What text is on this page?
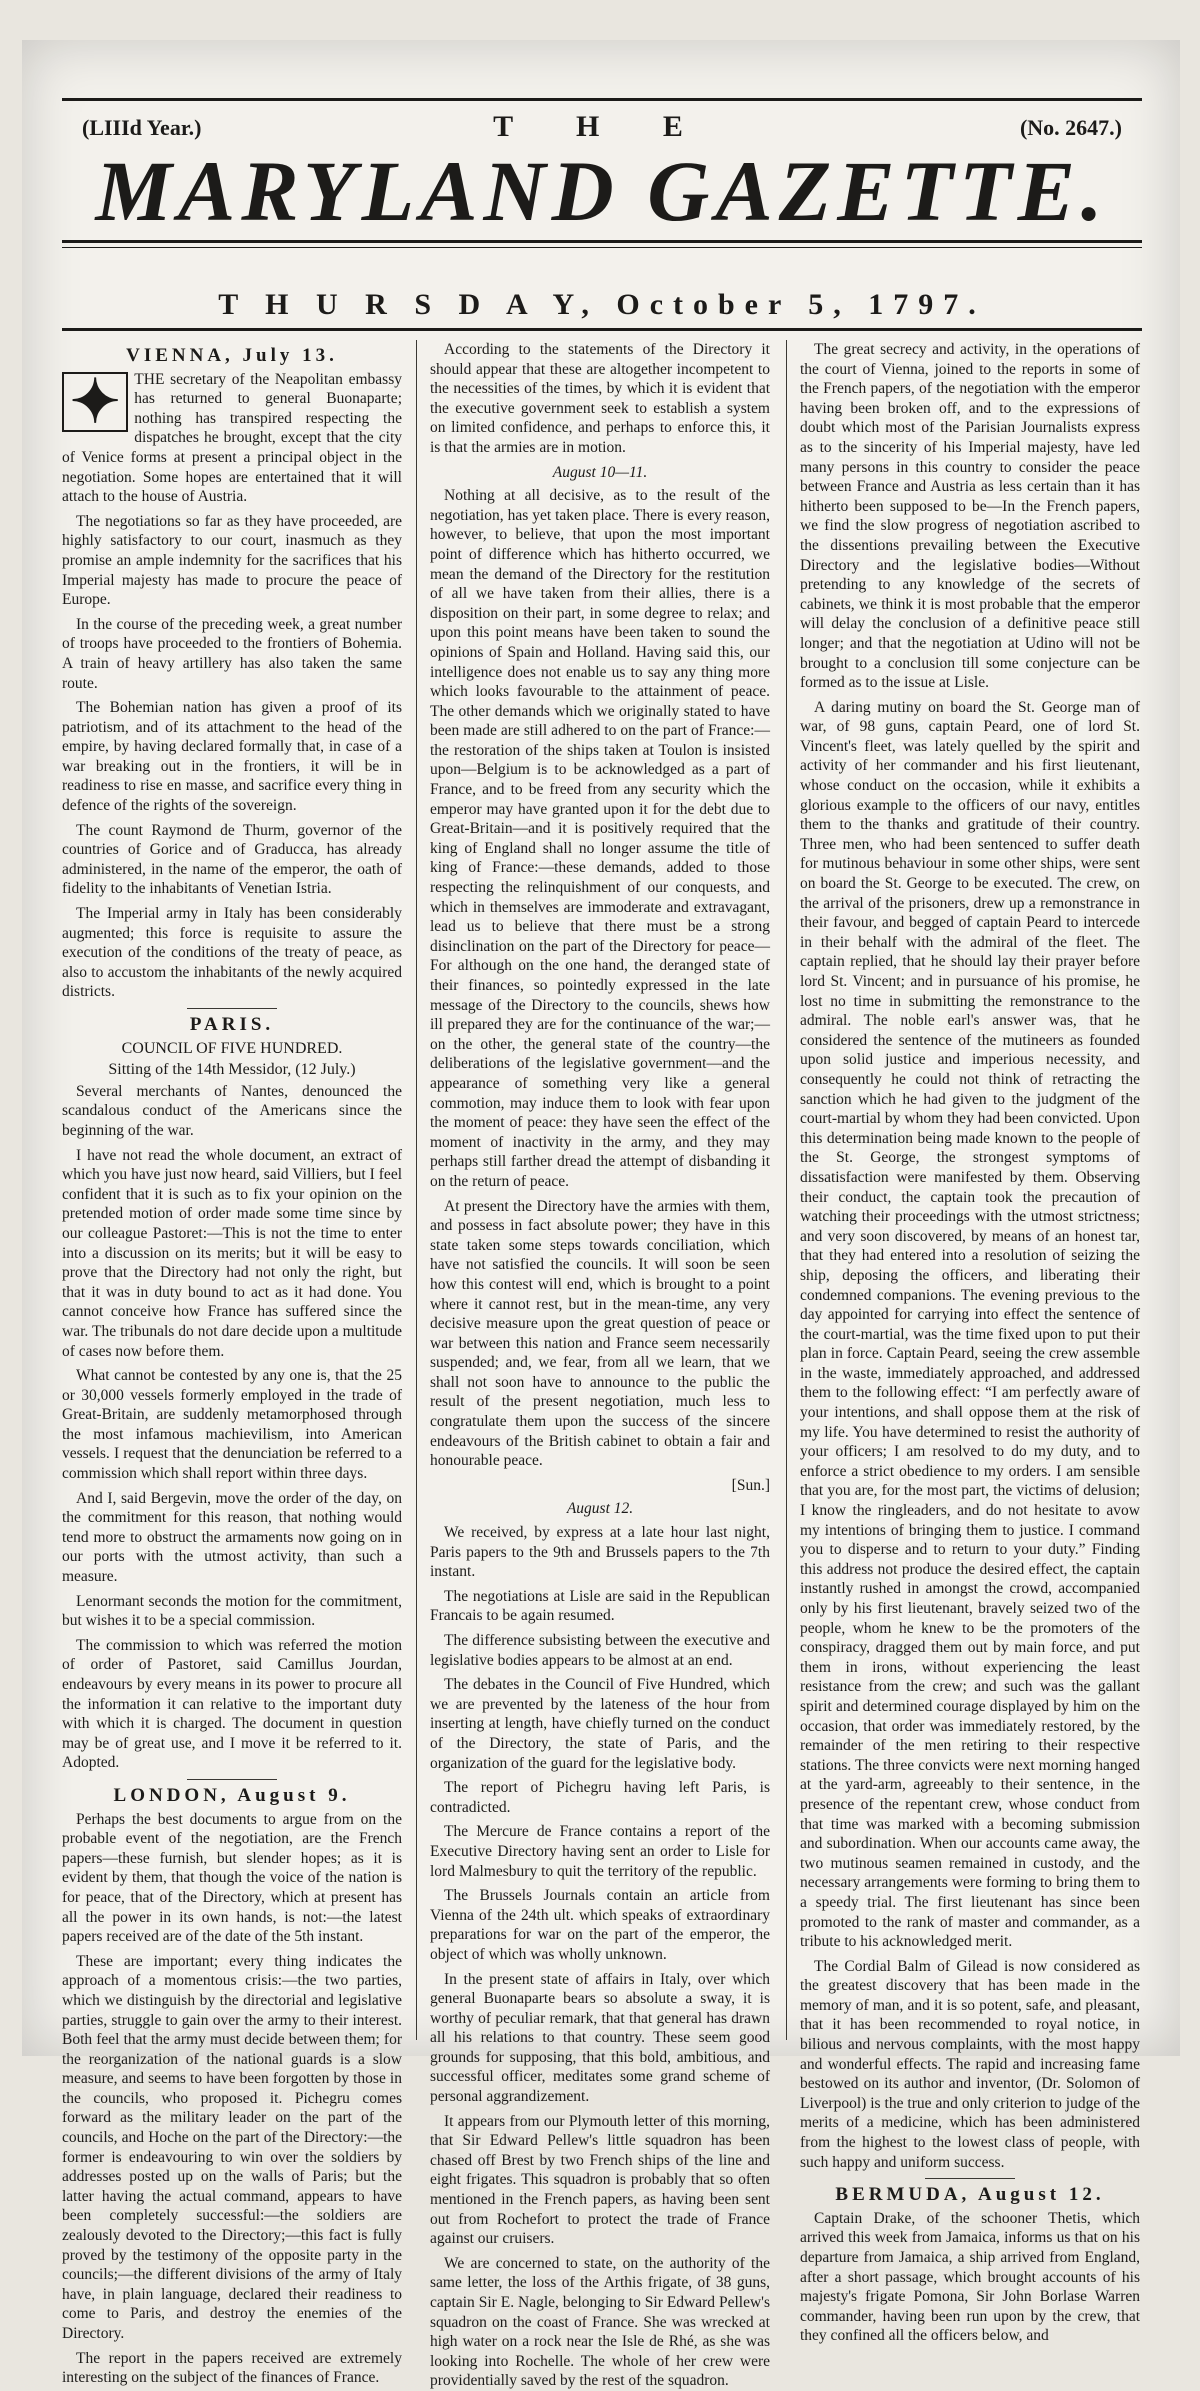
(LIIId Year.)	T H E	(No. 2647.)
MARYLAND GAZETTE.
T H U R S D A Y, October 5, 1797.
VIENNA, July 13.
✦ THE secretary of the Neapolitan embassy has returned to general Buonaparte; nothing has transpired respecting the dispatches he brought, except that the city of Venice forms at present a principal object in the negotiation. Some hopes are entertained that it will attach to the house of Austria.

The negotiations so far as they have proceeded, are highly satisfactory to our court, inasmuch as they promise an ample indemnity for the sacrifices that his Imperial majesty has made to procure the peace of Europe.

In the course of the preceding week, a great number of troops have proceeded to the frontiers of Bohemia. A train of heavy artillery has also taken the same route.

The Bohemian nation has given a proof of its patriotism, and of its attachment to the head of the empire, by having declared formally that, in case of a war breaking out in the frontiers, it will be in readiness to rise en masse, and sacrifice every thing in defence of the rights of the sovereign.

The count Raymond de Thurm, governor of the countries of Gorice and of Graducca, has already administered, in the name of the emperor, the oath of fidelity to the inhabitants of Venetian Istria.

The Imperial army in Italy has been considerably augmented; this force is requisite to assure the execution of the conditions of the treaty of peace, as also to accustom the inhabitants of the newly acquired districts.

PARIS.
COUNCIL OF FIVE HUNDRED.
Sitting of the 14th Messidor, (12 July.)

Several merchants of Nantes, denounced the scandalous conduct of the Americans since the beginning of the war.

I have not read the whole document, an extract of which you have just now heard, said Villiers, but I feel confident that it is such as to fix your opinion on the pretended motion of order made some time since by our colleague Pastoret:—This is not the time to enter into a discussion on its merits; but it will be easy to prove that the Directory had not only the right, but that it was in duty bound to act as it had done. You cannot conceive how France has suffered since the war. The tribunals do not dare decide upon a multitude of cases now before them.

What cannot be contested by any one is, that the 25 or 30,000 vessels formerly employed in the trade of Great-Britain, are suddenly metamorphosed through the most infamous machievilism, into American vessels. I request that the denunciation be referred to a commission which shall report within three days.

And I, said Bergevin, move the order of the day, on the commitment for this reason, that nothing would tend more to obstruct the armaments now going on in our ports with the utmost activity, than such a measure.

Lenormant seconds the motion for the commitment, but wishes it to be a special commission.

The commission to which was referred the motion of order of Pastoret, said Camillus Jourdan, endeavours by every means in its power to procure all the information it can relative to the important duty with which it is charged. The document in question may be of great use, and I move it be referred to it. Adopted.

LONDON, August 9.

Perhaps the best documents to argue from on the probable event of the negotiation, are the French papers—these furnish, but slender hopes; as it is evident by them, that though the voice of the nation is for peace, that of the Directory, which at present has all the power in its own hands, is not:—the latest papers received are of the date of the 5th instant.

These are important; every thing indicates the approach of a momentous crisis:—the two parties, which we distinguish by the directorial and legislative parties, struggle to gain over the army to their interest. Both feel that the army must decide between them; for the reorganization of the national guards is a slow measure, and seems to have been forgotten by those in the councils, who proposed it. Pichegru comes forward as the military leader on the part of the councils, and Hoche on the part of the Directory:—the former is endeavouring to win over the soldiers by addresses posted up on the walls of Paris; but the latter having the actual command, appears to have been completely successful:—the soldiers are zealously devoted to the Directory;—this fact is fully proved by the testimony of the opposite party in the councils;—the different divisions of the army of Italy have, in plain language, declared their readiness to come to Paris, and destroy the enemies of the Directory.

The report in the papers received are extremely interesting on the subject of the finances of France.

According to the statements of the Directory it should appear that these are altogether incompetent to the necessities of the times, by which it is evident that the executive government seek to establish a system on limited confidence, and perhaps to enforce this, it is that the armies are in motion.

August 10—11.

Nothing at all decisive, as to the result of the negotiation, has yet taken place. There is every reason, however, to believe, that upon the most important point of difference which has hitherto occurred, we mean the demand of the Directory for the restitution of all we have taken from their allies, there is a disposition on their part, in some degree to relax; and upon this point means have been taken to sound the opinions of Spain and Holland. Having said this, our intelligence does not enable us to say any thing more which looks favourable to the attainment of peace. The other demands which we originally stated to have been made are still adhered to on the part of France:—the restoration of the ships taken at Toulon is insisted upon—Belgium is to be acknowledged as a part of France, and to be freed from any security which the emperor may have granted upon it for the debt due to Great-Britain—and it is positively required that the king of England shall no longer assume the title of king of France:—these demands, added to those respecting the relinquishment of our conquests, and which in themselves are immoderate and extravagant, lead us to believe that there must be a strong disinclination on the part of the Directory for peace—For although on the one hand, the deranged state of their finances, so pointedly expressed in the late message of the Directory to the councils, shews how ill prepared they are for the continuance of the war;—on the other, the general state of the country—the deliberations of the legislative government—and the appearance of something very like a general commotion, may induce them to look with fear upon the moment of peace: they have seen the effect of the moment of inactivity in the army, and they may perhaps still farther dread the attempt of disbanding it on the return of peace.

At present the Directory have the armies with them, and possess in fact absolute power; they have in this state taken some steps towards conciliation, which have not satisfied the councils. It will soon be seen how this contest will end, which is brought to a point where it cannot rest, but in the mean-time, any very decisive measure upon the great question of peace or war between this nation and France seem necessarily suspended; and, we fear, from all we learn, that we shall not soon have to announce to the public the result of the present negotiation, much less to congratulate them upon the success of the sincere endeavours of the British cabinet to obtain a fair and honourable peace.

[Sun.]
August 12.

We received, by express at a late hour last night, Paris papers to the 9th and Brussels papers to the 7th instant.

The negotiations at Lisle are said in the Republican Francais to be again resumed.

The difference subsisting between the executive and legislative bodies appears to be almost at an end.

The debates in the Council of Five Hundred, which we are prevented by the lateness of the hour from inserting at length, have chiefly turned on the conduct of the Directory, the state of Paris, and the organization of the guard for the legislative body.

The report of Pichegru having left Paris, is contradicted.

The Mercure de France contains a report of the Executive Directory having sent an order to Lisle for lord Malmesbury to quit the territory of the republic.

The Brussels Journals contain an article from Vienna of the 24th ult. which speaks of extraordinary preparations for war on the part of the emperor, the object of which was wholly unknown.

In the present state of affairs in Italy, over which general Buonaparte bears so absolute a sway, it is worthy of peculiar remark, that that general has drawn all his relations to that country. These seem good grounds for supposing, that this bold, ambitious, and successful officer, meditates some grand scheme of personal aggrandizement.

It appears from our Plymouth letter of this morning, that Sir Edward Pellew's little squadron has been chased off Brest by two French ships of the line and eight frigates. This squadron is probably that so often mentioned in the French papers, as having been sent out from Rochefort to protect the trade of France against our cruisers.

We are concerned to state, on the authority of the same letter, the loss of the Arthis frigate, of 38 guns, captain Sir E. Nagle, belonging to Sir Edward Pellew's squadron on the coast of France. She was wrecked at high water on a rock near the Isle de Rhé, as she was looking into Rochelle. The whole of her crew were providentially saved by the rest of the squadron.

The great secrecy and activity, in the operations of the court of Vienna, joined to the reports in some of the French papers, of the negotiation with the emperor having been broken off, and to the expressions of doubt which most of the Parisian Journalists express as to the sincerity of his Imperial majesty, have led many persons in this country to consider the peace between France and Austria as less certain than it has hitherto been supposed to be—In the French papers, we find the slow progress of negotiation ascribed to the dissentions prevailing between the Executive Directory and the legislative bodies—Without pretending to any knowledge of the secrets of cabinets, we think it is most probable that the emperor will delay the conclusion of a definitive peace still longer; and that the negotiation at Udino will not be brought to a conclusion till some conjecture can be formed as to the issue at Lisle.

A daring mutiny on board the St. George man of war, of 98 guns, captain Peard, one of lord St. Vincent's fleet, was lately quelled by the spirit and activity of her commander and his first lieutenant, whose conduct on the occasion, while it exhibits a glorious example to the officers of our navy, entitles them to the thanks and gratitude of their country. Three men, who had been sentenced to suffer death for mutinous behaviour in some other ships, were sent on board the St. George to be executed. The crew, on the arrival of the prisoners, drew up a remonstrance in their favour, and begged of captain Peard to intercede in their behalf with the admiral of the fleet. The captain replied, that he should lay their prayer before lord St. Vincent; and in pursuance of his promise, he lost no time in submitting the remonstrance to the admiral. The noble earl's answer was, that he considered the sentence of the mutineers as founded upon solid justice and imperious necessity, and consequently he could not think of retracting the sanction which he had given to the judgment of the court-martial by whom they had been convicted. Upon this determination being made known to the people of the St. George, the strongest symptoms of dissatisfaction were manifested by them. Observing their conduct, the captain took the precaution of watching their proceedings with the utmost strictness; and very soon discovered, by means of an honest tar, that they had entered into a resolution of seizing the ship, deposing the officers, and liberating their condemned companions. The evening previous to the day appointed for carrying into effect the sentence of the court-martial, was the time fixed upon to put their plan in force. Captain Peard, seeing the crew assemble in the waste, immediately approached, and addressed them to the following effect: “I am perfectly aware of your intentions, and shall oppose them at the risk of my life. You have determined to resist the authority of your officers; I am resolved to do my duty, and to enforce a strict obedience to my orders. I am sensible that you are, for the most part, the victims of delusion; I know the ringleaders, and do not hesitate to avow my intentions of bringing them to justice. I command you to disperse and to return to your duty.” Finding this address not produce the desired effect, the captain instantly rushed in amongst the crowd, accompanied only by his first lieutenant, bravely seized two of the people, whom he knew to be the promoters of the conspiracy, dragged them out by main force, and put them in irons, without experiencing the least resistance from the crew; and such was the gallant spirit and determined courage displayed by him on the occasion, that order was immediately restored, by the remainder of the men retiring to their respective stations. The three convicts were next morning hanged at the yard-arm, agreeably to their sentence, in the presence of the repentant crew, whose conduct from that time was marked with a becoming submission and subordination. When our accounts came away, the two mutinous seamen remained in custody, and the necessary arrangements were forming to bring them to a speedy trial. The first lieutenant has since been promoted to the rank of master and commander, as a tribute to his acknowledged merit.

The Cordial Balm of Gilead is now considered as the greatest discovery that has been made in the memory of man, and it is so potent, safe, and pleasant, that it has been recommended to royal notice, in bilious and nervous complaints, with the most happy and wonderful effects. The rapid and increasing fame bestowed on its author and inventor, (Dr. Solomon of Liverpool) is the true and only criterion to judge of the merits of a medicine, which has been administered from the highest to the lowest class of people, with such happy and uniform success.

BERMUDA, August 12.

Captain Drake, of the schooner Thetis, which arrived this week from Jamaica, informs us that on his departure from Jamaica, a ship arrived from England, after a short passage, which brought accounts of his majesty's frigate Pomona, Sir John Borlase Warren commander, having been run upon by the crew, that they confined all the officers below, and
